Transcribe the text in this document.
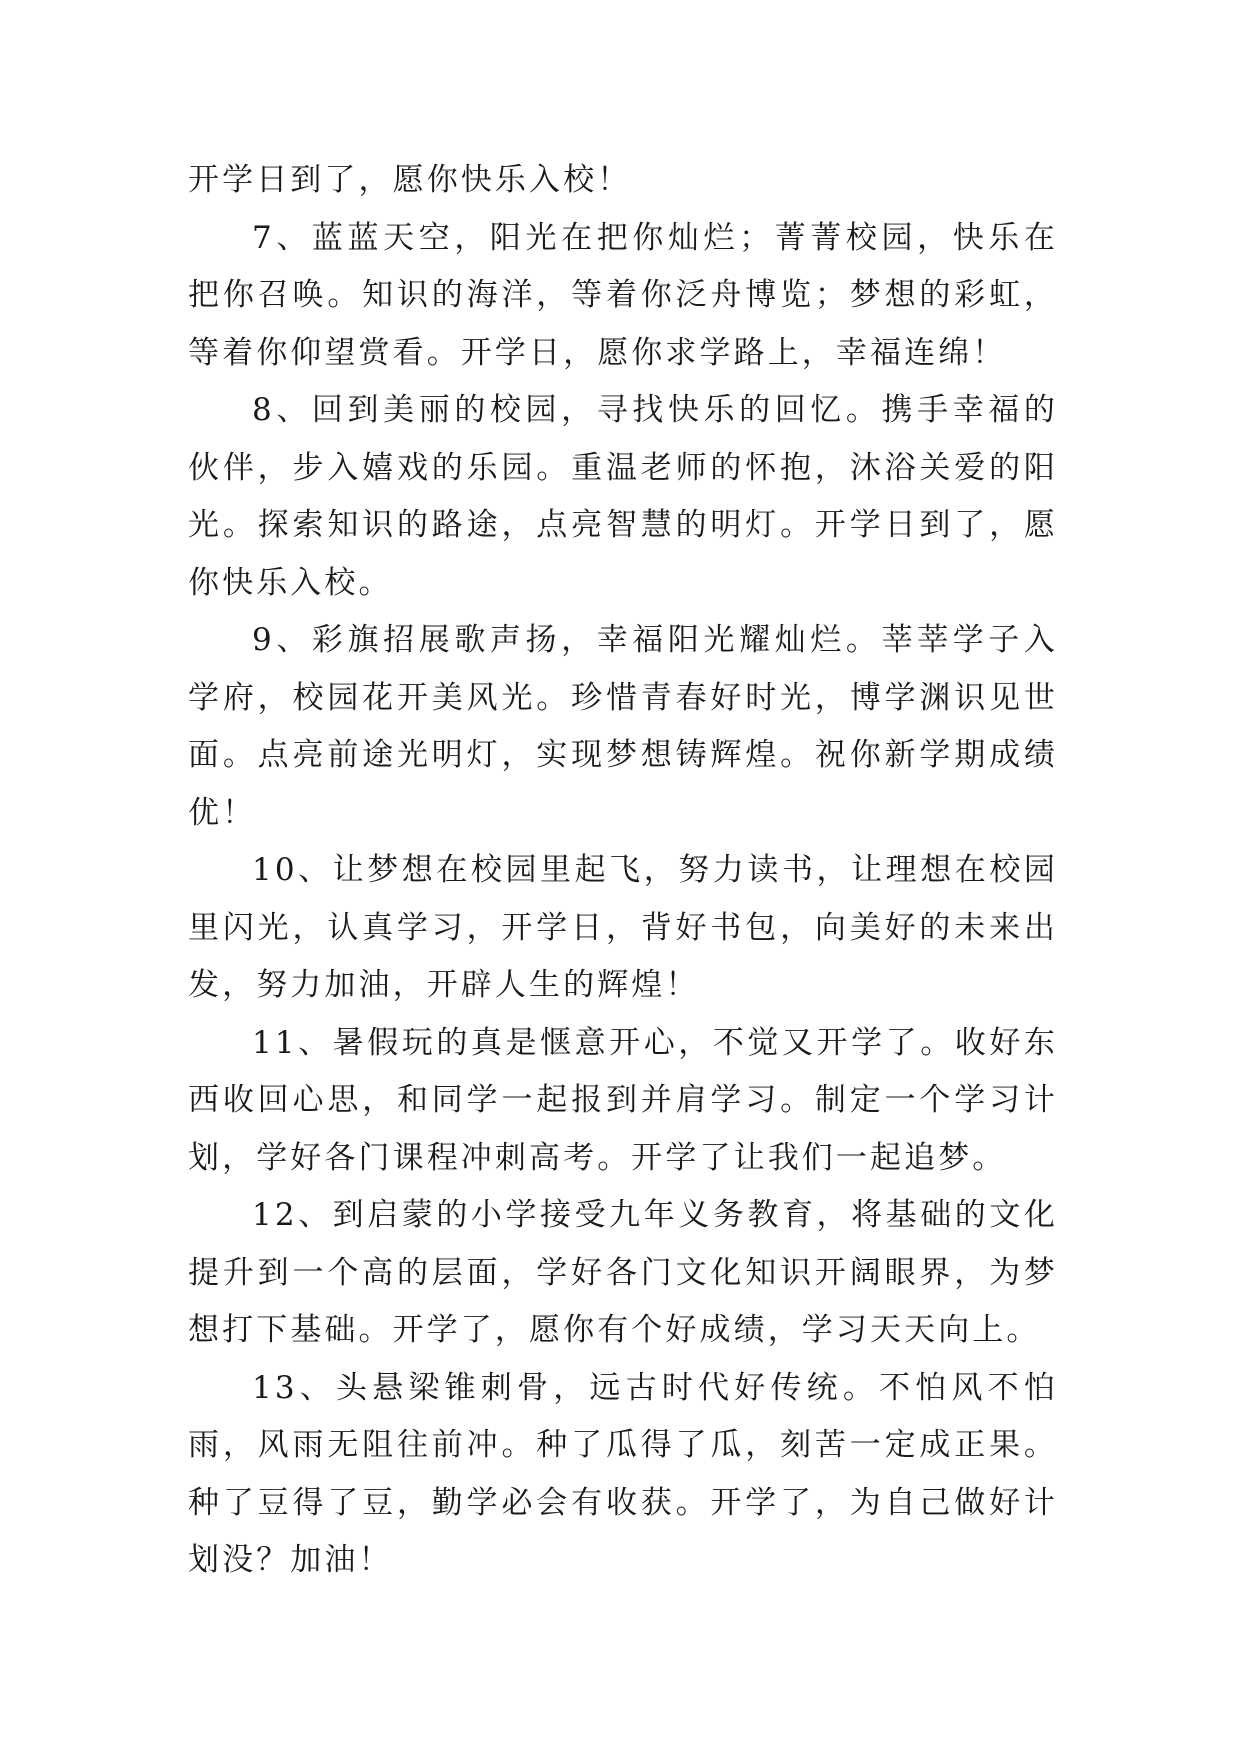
开学日到了，愿你快乐入校！

7、蓝蓝天空，阳光在把你灿烂；菁菁校园，快乐在把你召唤。知识的海洋，等着你泛舟博览；梦想的彩虹，等着你仰望赏看。开学日，愿你求学路上，幸福连绵！

8、回到美丽的校园，寻找快乐的回忆。携手幸福的伙伴，步入嬉戏的乐园。重温老师的怀抱，沐浴关爱的阳光。探索知识的路途，点亮智慧的明灯。开学日到了，愿你快乐入校。

9、彩旗招展歌声扬，幸福阳光耀灿烂。莘莘学子入学府，校园花开美风光。珍惜青春好时光，博学渊识见世面。点亮前途光明灯，实现梦想铸辉煌。祝你新学期成绩优！

10、让梦想在校园里起飞，努力读书，让理想在校园里闪光，认真学习，开学日，背好书包，向美好的未来出发，努力加油，开辟人生的辉煌！

11、暑假玩的真是惬意开心，不觉又开学了。收好东西收回心思，和同学一起报到并肩学习。制定一个学习计划，学好各门课程冲刺高考。开学了让我们一起追梦。

12、到启蒙的小学接受九年义务教育，将基础的文化提升到一个高的层面，学好各门文化知识开阔眼界，为梦想打下基础。开学了，愿你有个好成绩，学习天天向上。

13、头悬梁锥刺骨，远古时代好传统。不怕风不怕雨，风雨无阻往前冲。种了瓜得了瓜，刻苦一定成正果。种了豆得了豆，勤学必会有收获。开学了，为自己做好计划没？加油！
